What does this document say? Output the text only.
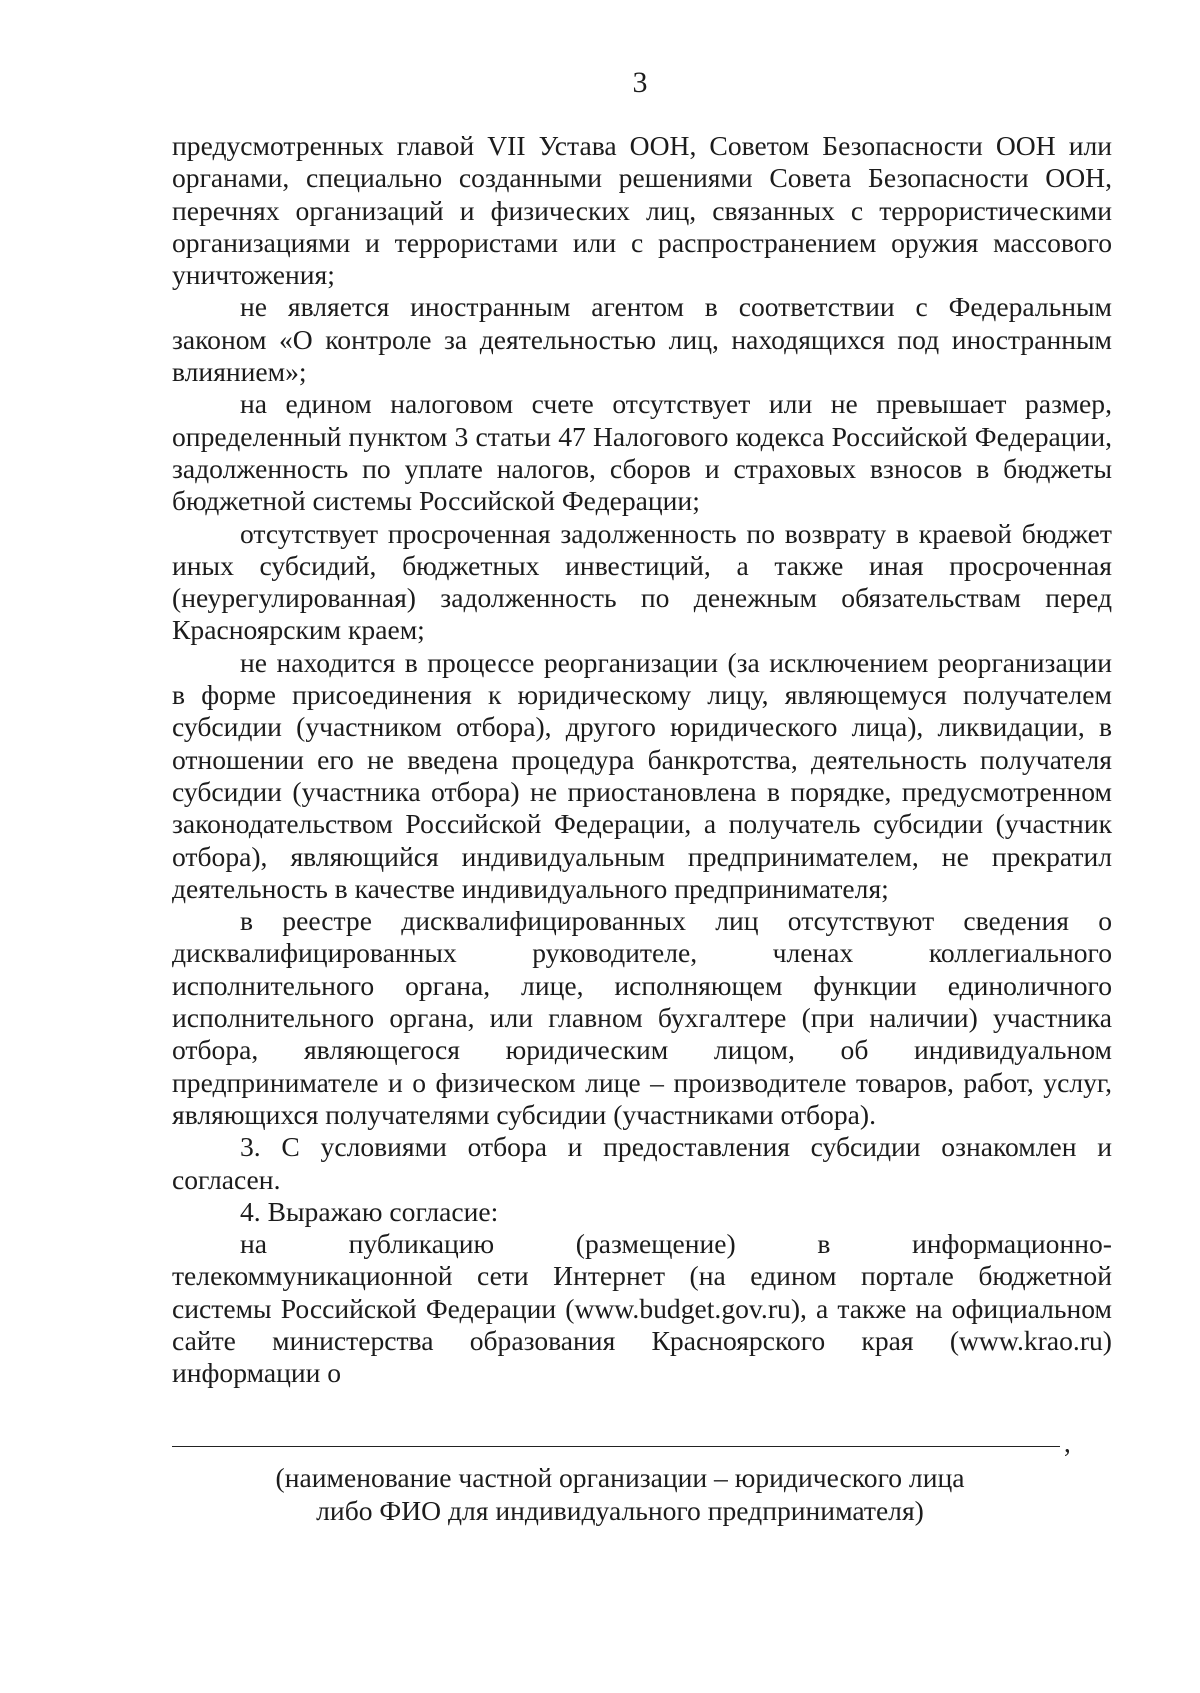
3

предусмотренных главой VII Устава ООН, Советом Безопасности ООН или органами, специально созданными решениями Совета Безопасности ООН, перечнях организаций и физических лиц, связанных с террористическими организациями и террористами или с распространением оружия массового уничтожения;

не является иностранным агентом в соответствии с Федеральным законом «О контроле за деятельностью лиц, находящихся под иностранным влиянием»;

на едином налоговом счете отсутствует или не превышает размер, определенный пунктом 3 статьи 47 Налогового кодекса Российской Федерации, задолженность по уплате налогов, сборов и страховых взносов в бюджеты бюджетной системы Российской Федерации;

отсутствует просроченная задолженность по возврату в краевой бюджет иных субсидий, бюджетных инвестиций, а также иная просроченная (неурегулированная) задолженность по денежным обязательствам перед Красноярским краем;

не находится в процессе реорганизации (за исключением реорганизации в форме присоединения к юридическому лицу, являющемуся получателем субсидии (участником отбора), другого юридического лица), ликвидации, в отношении его не введена процедура банкротства, деятельность получателя субсидии (участника отбора) не приостановлена в порядке, предусмотренном законодательством Российской Федерации, а получатель субсидии (участник отбора), являющийся индивидуальным предпринимателем, не прекратил деятельность в качестве индивидуального предпринимателя;

в реестре дисквалифицированных лиц отсутствуют сведения о дисквалифицированных руководителе, членах коллегиального исполнительного органа, лице, исполняющем функции единоличного исполнительного органа, или главном бухгалтере (при наличии) участника отбора, являющегося юридическим лицом, об индивидуальном предпринимателе и о физическом лице – производителе товаров, работ, услуг, являющихся получателями субсидии (участниками отбора).

3. С условиями отбора и предоставления субсидии ознакомлен и согласен.

4. Выражаю согласие:

на публикацию (размещение) в информационно-

телекоммуникационной сети Интернет (на едином портале бюджетной системы Российской Федерации (www.budget.gov.ru), а также на официальном сайте министерства образования Красноярского края (www.krao.ru) информации о

,
(наименование частной организации – юридического лица
либо ФИО для индивидуального предпринимателя)
